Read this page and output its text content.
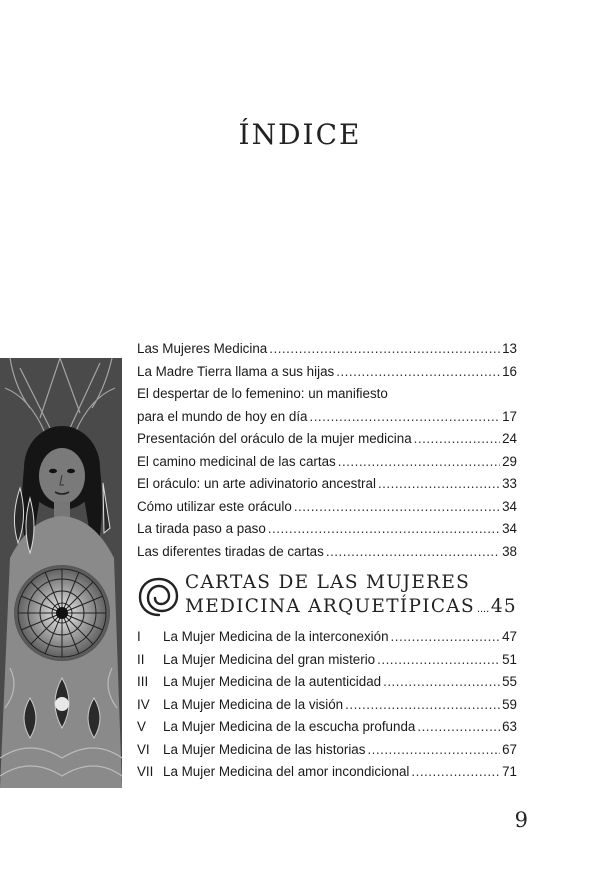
ÍNDICE
Las Mujeres Medicina .....	13
La Madre Tierra llama a sus hijas .....	16
El despertar de lo femenino: un manifiesto
para el mundo de hoy en día .....	17
Presentación del oráculo de la mujer medicina .....	24
El camino medicinal de las cartas .....	29
El oráculo: un arte adivinatorio ancestral .....	33
Cómo utilizar este oráculo .....	34
La tirada paso a paso .....	34
Las diferentes tiradas de cartas .....	38
CARTAS DE LAS MUJERES
MEDICINA ARQUETÍPICAS ..... 45
I	La Mujer Medicina de la interconexión .....	47
II	La Mujer Medicina del gran misterio .....	51
III	La Mujer Medicina de la autenticidad .....	55
IV La Mujer Medicina de la visión .....	59
V	La Mujer Medicina de la escucha profunda .....	63
VI La Mujer Medicina de las historias .....	67
VII La Mujer Medicina del amor incondicional .....	71
9
